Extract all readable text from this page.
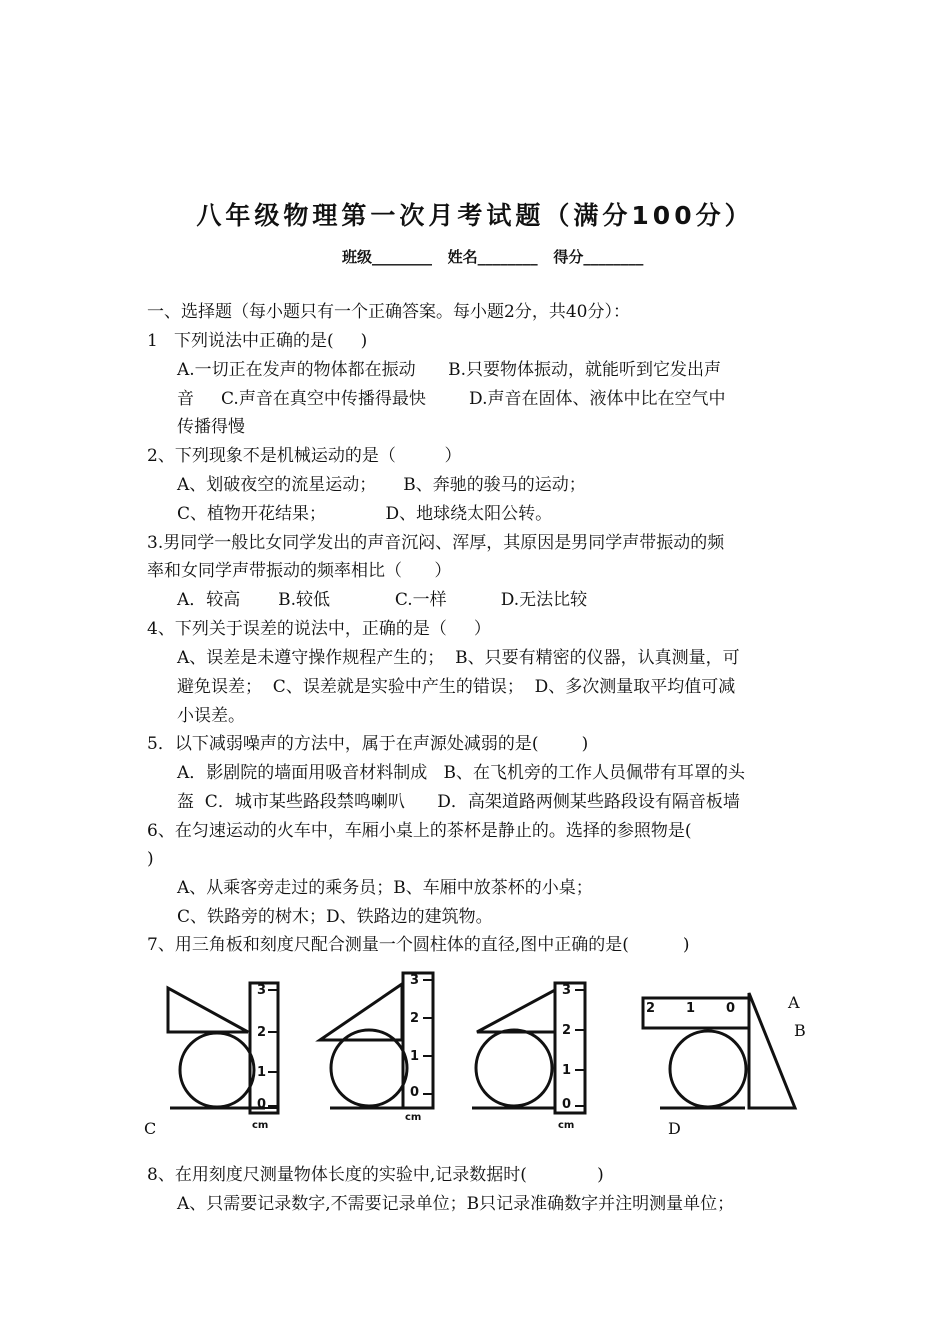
八年级物理第一次月考试题（满分100分）
班级________   姓名________   得分________
一、选择题（每小题只有一个正确答案。每小题2分，共40分）：
1   下列说法中正确的是(     )
A.一切正在发声的物体都在振动      B.只要物体振动，就能听到它发出声
音     C.声音在真空中传播得最快        D.声音在固体、液体中比在空气中
传播得慢
2、下列现象不是机械运动的是（         ）
A、划破夜空的流星运动；     B、奔驰的骏马的运动；
C、植物开花结果；           D、地球绕太阳公转。
3.男同学一般比女同学发出的声音沉闷、浑厚，其原因是男同学声带振动的频
率和女同学声带振动的频率相比（      ）
A．较高       B.较低            C.一样          D.无法比较
4、下列关于误差的说法中，正确的是（     ）
A、误差是未遵守操作规程产生的；  B、只要有精密的仪器，认真测量，可
避免误差；  C、误差就是实验中产生的错误；  D、多次测量取平均值可减
小误差。
5．以下减弱噪声的方法中，属于在声源处减弱的是(        )
A．影剧院的墙面用吸音材料制成   B、在飞机旁的工作人员佩带有耳罩的头
盔  C．城市某些路段禁鸣喇叭      D．高架道路两侧某些路段设有隔音板墙
6、在匀速运动的火车中，车厢小桌上的茶杯是静止的。选择的参照物是(
)
A、从乘客旁走过的乘务员；B、车厢中放茶杯的小桌；
C、铁路旁的树木；D、铁路边的建筑物。
7、用三角板和刻度尺配合测量一个圆柱体的直径,图中正确的是(          )
8、在用刻度尺测量物体长度的实验中,记录数据时(             )
A、只需要记录数字,不需要记录单位；B只记录准确数字并注明测量单位；
3
2
1
0
3
2
1
0
3
2
1
0
2 1 0
cm
cm
cm
A
B
C	D
